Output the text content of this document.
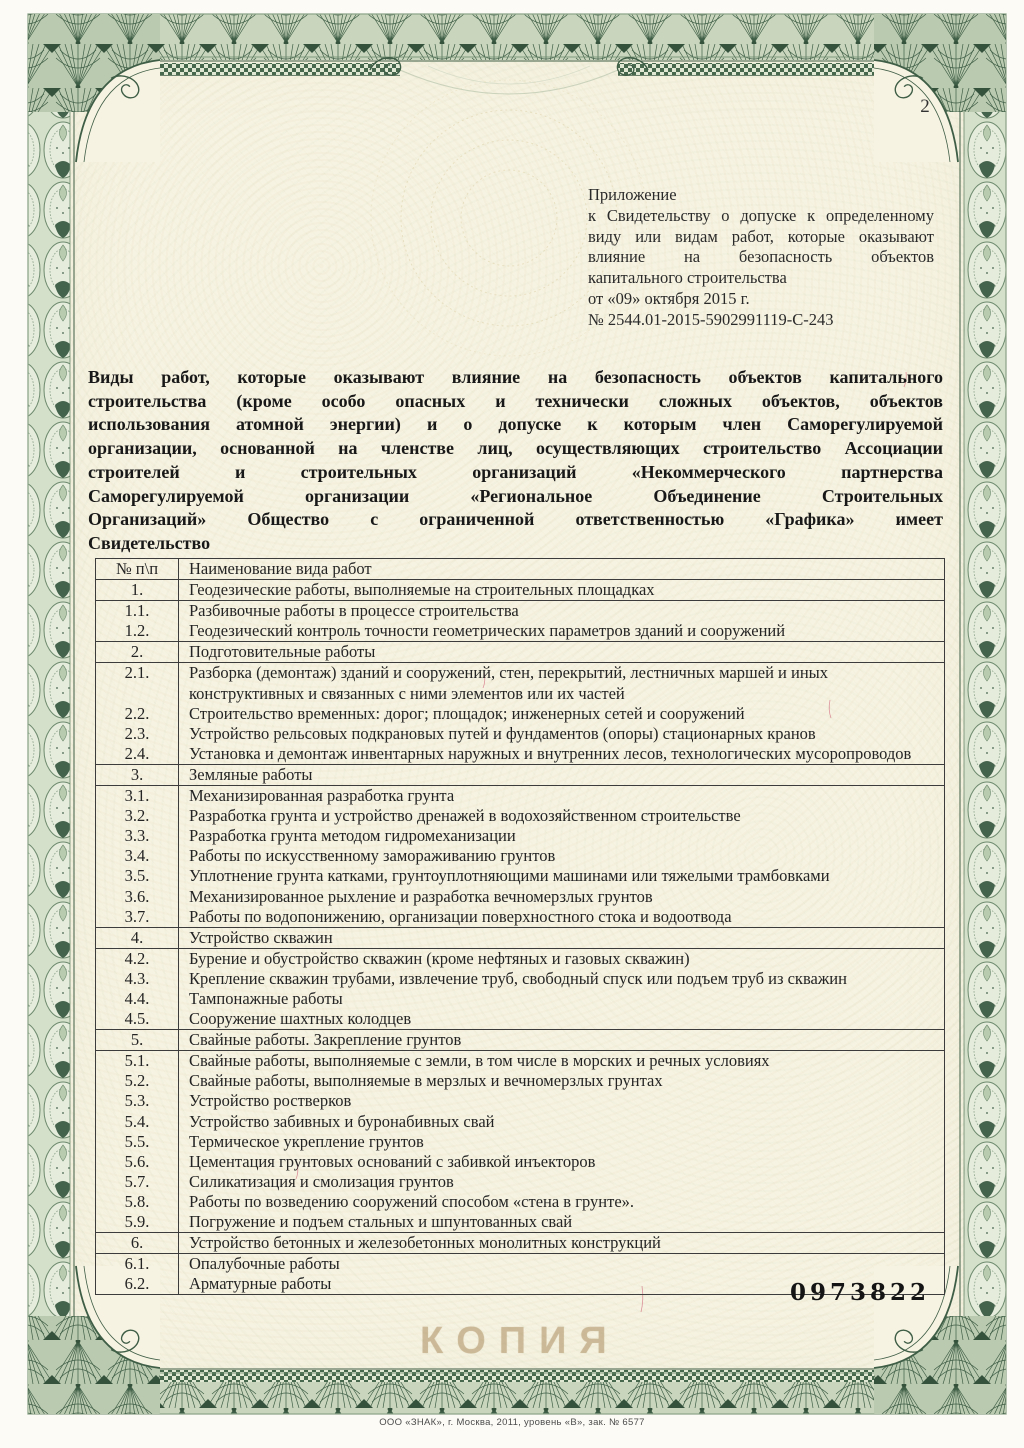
2
Приложение
к Свидетельству о допуске к определенному
виду или видам работ, которые оказывают
влияние на безопасность объектов
капитального строительства
от «09» октября 2015 г.
№ 2544.01-2015-5902991119-С-243
Виды работ, которые оказывают влияние на безопасность объектов капитального
строительства (кроме особо опасных и технически сложных объектов, объектов
использования атомной энергии) и о допуске к которым член Саморегулируемой
организации, основанной на членстве лиц, осуществляющих строительство Ассоциации
строителей и строительных организаций «Некоммерческого партнерства
Саморегулируемой организации «Региональное Объединение Строительных
Организаций» Общество с ограниченной ответственностью «Графика» имеет
Свидетельство
№ п\п	Наименование вида работ
1.	Геодезические работы, выполняемые на строительных площадках
1.1.	Разбивочные работы в процессе строительства
1.2.	Геодезический контроль точности геометрических параметров зданий и сооружений
2.	Подготовительные работы
2.1.	Разборка (демонтаж) зданий и сооружений, стен, перекрытий, лестничных маршей и иных конструктивных и связанных с ними элементов или их частей
2.2.	Строительство временных: дорог; площадок; инженерных сетей и сооружений
2.3.	Устройство рельсовых подкрановых путей и фундаментов (опоры) стационарных кранов
2.4.	Установка и демонтаж инвентарных наружных и внутренних лесов, технологических мусоропроводов
3.	Земляные работы
3.1.	Механизированная разработка грунта
3.2.	Разработка грунта и устройство дренажей в водохозяйственном строительстве
3.3.	Разработка грунта методом гидромеханизации
3.4.	Работы по искусственному замораживанию грунтов
3.5.	Уплотнение грунта катками, грунтоуплотняющими машинами или тяжелыми трамбовками
3.6.	Механизированное рыхление и разработка вечномерзлых грунтов
3.7.	Работы по водопонижению, организации поверхностного стока и водоотвода
4.	Устройство скважин
4.2.	Бурение и обустройство скважин (кроме нефтяных и газовых скважин)
4.3.	Крепление скважин трубами, извлечение труб, свободный спуск или подъем труб из скважин
4.4.	Тампонажные работы
4.5.	Сооружение шахтных колодцев
5.	Свайные работы. Закрепление грунтов
5.1.	Свайные работы, выполняемые с земли, в том числе в морских и речных условиях
5.2.	Свайные работы, выполняемые в мерзлых и вечномерзлых грунтах
5.3.	Устройство ростверков
5.4.	Устройство забивных и буронабивных свай
5.5.	Термическое укрепление грунтов
5.6.	Цементация грунтовых оснований с забивкой инъекторов
5.7.	Силикатизация и смолизация грунтов
5.8.	Работы по возведению сооружений способом «стена в грунте».
5.9.	Погружение и подъем стальных и шпунтованных свай
6.	Устройство бетонных и железобетонных монолитных конструкций
6.1.	Опалубочные работы
6.2.	Арматурные работы	0973822
КОПИЯ
ООО «ЗНАК», г. Москва, 2011, уровень «В», зак. № 6577
